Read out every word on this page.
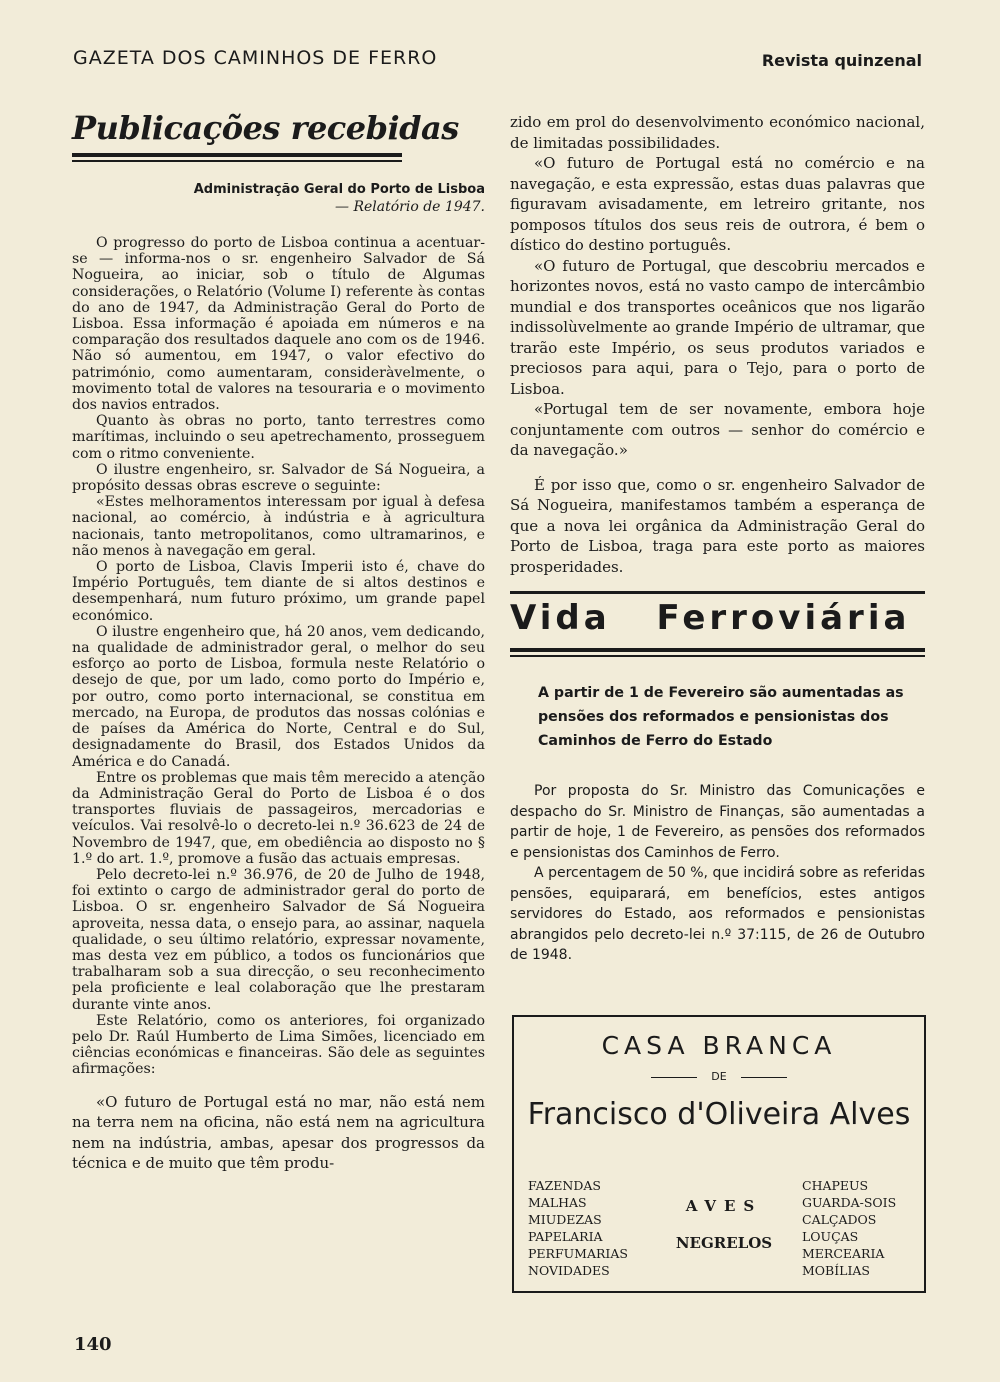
GAZETA DOS CAMINHOS DE FERRO	Revista quinzenal
Publicações recebidas

Administração Geral do Porto de Lisboa

— Relatório de 1947.

O progresso do porto de Lisboa continua a acentuar-se — informa-nos o sr. engenheiro Salvador de Sá Nogueira, ao iniciar, sob o título de Algumas considerações, o Relatório (Volume I) referente às contas do ano de 1947, da Administração Geral do Porto de Lisboa. Essa informação é apoiada em números e na comparação dos resultados daquele ano com os de 1946. Não só aumentou, em 1947, o valor efectivo do património, como aumentaram, consideràvelmente, o movimento total de valores na tesouraria e o movimento dos navios entrados.

Quanto às obras no porto, tanto terrestres como marítimas, incluindo o seu apetrechamento, prosseguem com o ritmo conveniente.

O ilustre engenheiro, sr. Salvador de Sá Nogueira, a propósito dessas obras escreve o seguinte:

«Estes melhoramentos interessam por igual à defesa nacional, ao comércio, à indústria e à agricultura nacionais, tanto metropolitanos, como ultramarinos, e não menos à navegação em geral.

O porto de Lisboa, Clavis Imperii isto é, chave do Império Português, tem diante de si altos destinos e desempenhará, num futuro próximo, um grande papel económico.

O ilustre engenheiro que, há 20 anos, vem dedicando, na qualidade de administrador geral, o melhor do seu esforço ao porto de Lisboa, formula neste Relatório o desejo de que, por um lado, como porto do Império e, por outro, como porto internacional, se constitua em mercado, na Europa, de produtos das nossas colónias e de países da América do Norte, Central e do Sul, designadamente do Brasil, dos Estados Unidos da América e do Canadá.

Entre os problemas que mais têm merecido a atenção da Administração Geral do Porto de Lisboa é o dos transportes fluviais de passageiros, mercadorias e veículos. Vai resolvê-lo o decreto-lei n.º 36.623 de 24 de Novembro de 1947, que, em obediência ao disposto no § 1.º do art. 1.º, promove a fusão das actuais empresas.

Pelo decreto-lei n.º 36.976, de 20 de Julho de 1948, foi extinto o cargo de administrador geral do porto de Lisboa. O sr. engenheiro Salvador de Sá Nogueira aproveita, nessa data, o ensejo para, ao assinar, naquela qualidade, o seu último relatório, expressar novamente, mas desta vez em público, a todos os funcionários que trabalharam sob a sua direcção, o seu reconhecimento pela proficiente e leal colaboração que lhe prestaram durante vinte anos.

Este Relatório, como os anteriores, foi organizado pelo Dr. Raúl Humberto de Lima Simões, licenciado em ciências económicas e financeiras. São dele as seguintes afirmações:

«O futuro de Portugal está no mar, não está nem na terra nem na oficina, não está nem na agricultura nem na indústria, ambas, apesar dos progressos da técnica e de muito que têm produ-

zido em prol do desenvolvimento económico nacional, de limitadas possibilidades.

«O futuro de Portugal está no comércio e na navegação, e esta expressão, estas duas palavras que figuravam avisadamente, em letreiro gritante, nos pomposos títulos dos seus reis de outrora, é bem o dístico do destino português.

«O futuro de Portugal, que descobriu mercados e horizontes novos, está no vasto campo de intercâmbio mundial e dos transportes oceânicos que nos ligarão indissolùvelmente ao grande Império de ultramar, que trarão este Império, os seus produtos variados e preciosos para aqui, para o Tejo, para o porto de Lisboa.

«Portugal tem de ser novamente, embora hoje conjuntamente com outros — senhor do comércio e da navegação.»

É por isso que, como o sr. engenheiro Salvador de Sá Nogueira, manifestamos também a esperança de que a nova lei orgânica da Administração Geral do Porto de Lisboa, traga para este porto as maiores prosperidades.

Vida Ferroviária

A partir de 1 de Fevereiro são aumentadas as pensões dos reformados e pensionistas dos Caminhos de Ferro do Estado

Por proposta do Sr. Ministro das Comunicações e despacho do Sr. Ministro de Finanças, são aumentadas a partir de hoje, 1 de Fevereiro, as pensões dos reformados e pensionistas dos Caminhos de Ferro.

A percentagem de 50 %, que incidirá sobre as referidas pensões, equiparará, em benefícios, estes antigos servidores do Estado, aos reformados e pensionistas abrangidos pelo decreto-lei n.º 37:115, de 26 de Outubro de 1948.

CASA BRANCA
DE
Francisco d'Oliveira Alves
FAZENDAS
MALHAS
MIUDEZAS
PAPELARIA
PERFUMARIAS
NOVIDADES
AVES
NEGRELOS
CHAPEUS
GUARDA-SOIS
CALÇADOS
LOUÇAS
MERCEARIA
MOBÍLIAS
140
